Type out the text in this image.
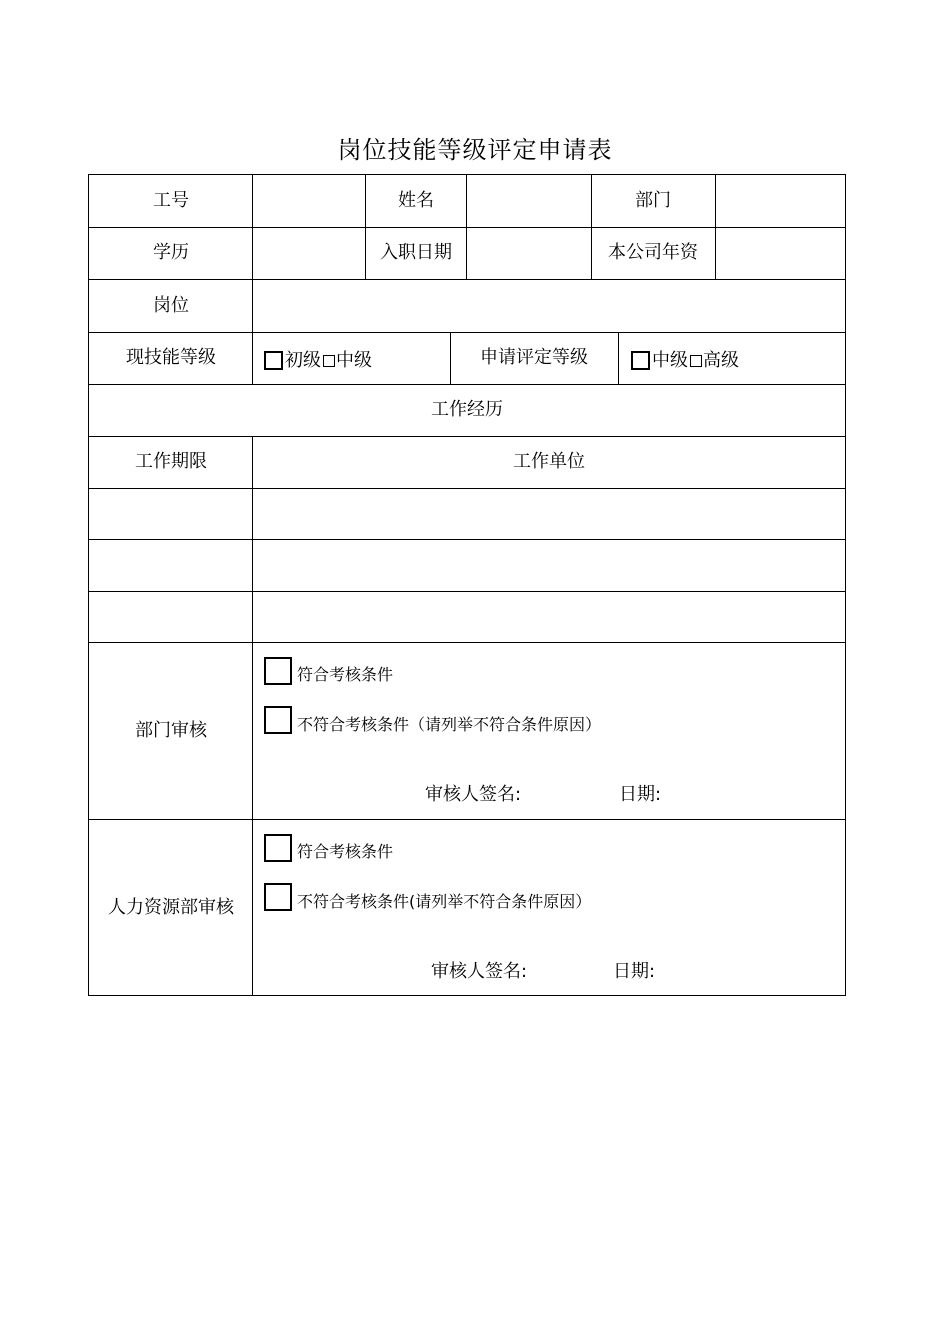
岗位技能等级评定申请表
工号	姓名	部门
学历	入职日期	本公司年资
岗位
现技能等级	初级 中级	申请评定等级	中级 高级
工作经历
工作期限	工作单位
部门审核
符合考核条件
不符合考核条件（请列举不符合条件原因）
审核人签名:	日期:
人力资源部审核
符合考核条件
不符合考核条件(请列举不符合条件原因）
审核人签名:	日期:
